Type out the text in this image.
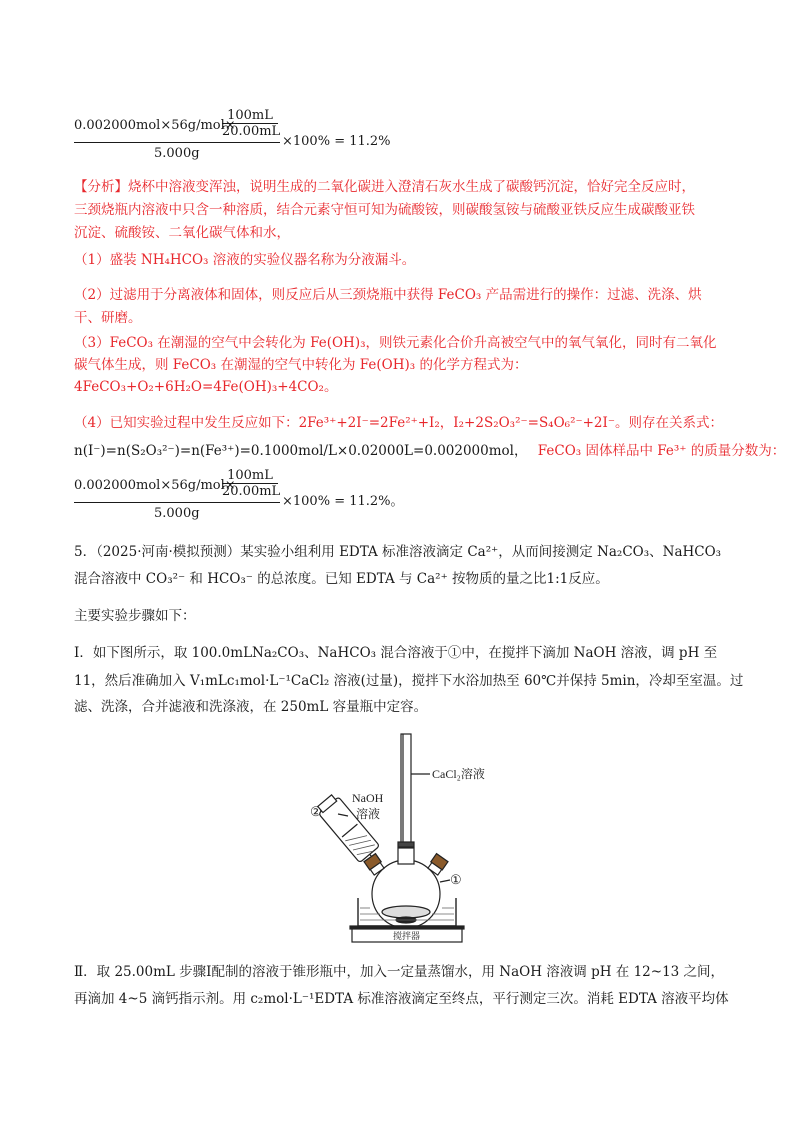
0.002000mol×56g/mol×
$\frac{100mL}{20.00mL}$
5.000g
×100% = 11.2%
【分析】烧杯中溶液变浑浊，说明生成的二氧化碳进入澄清石灰水生成了碳酸钙沉淀，恰好完全反应时，
三颈烧瓶内溶液中只含一种溶质，结合元素守恒可知为硫酸铵，则碳酸氢铵与硫酸亚铁反应生成碳酸亚铁
沉淀、硫酸铵、二氧化碳气体和水，
（1）盛装 NH₄HCO₃ 溶液的实验仪器名称为分液漏斗。
（2）过滤用于分离液体和固体，则反应后从三颈烧瓶中获得 FeCO₃ 产品需进行的操作：过滤、洗涤、烘
干、研磨。
（3）FeCO₃ 在潮湿的空气中会转化为 Fe(OH)₃，则铁元素化合价升高被空气中的氧气氧化，同时有二氧化
碳气体生成，则 FeCO₃ 在潮湿的空气中转化为 Fe(OH)₃ 的化学方程式为：
4FeCO₃+O₂+6H₂O=4Fe(OH)₃+4CO₂。
（4）已知实验过程中发生反应如下：2Fe³⁺+2I⁻=2Fe²⁺+I₂，I₂+2S₂O₃²⁻=S₄O₆²⁻+2I⁻。则存在关系式：
n(I⁻)=n(S₂O₃²⁻)=n(Fe³⁺)=0.1000mol/L×0.02000L=0.002000mol， FeCO₃ 固体样品中 Fe³⁺ 的质量分数为：
0.002000mol×56g/mol×
$\frac{100mL}{20.00mL}$
5.000g
×100% = 11.2%。
5．（2025·河南·模拟预测）某实验小组利用 EDTA 标准溶液滴定 Ca²⁺，从而间接测定 Na₂CO₃、NaHCO₃
混合溶液中 CO₃²⁻ 和 HCO₃⁻ 的总浓度。已知 EDTA 与 Ca²⁺ 按物质的量之比1:1反应。
主要实验步骤如下：
Ⅰ．如下图所示，取 100.0mLNa₂CO₃、NaHCO₃ 混合溶液于①中，在搅拌下滴加 NaOH 溶液，调 pH 至
11，然后准确加入 V₁mLc₁mol·L⁻¹CaCl₂ 溶液(过量)，搅拌下水浴加热至 60℃并保持 5min，冷却至室温。过
滤、洗涤，合并滤液和洗涤液，在 250mL 容量瓶中定容。
CaCl₂溶液
②
NaOH
溶液
①
搅拌器
Ⅱ．取 25.00mL 步骤Ⅰ配制的溶液于锥形瓶中，加入一定量蒸馏水，用 NaOH 溶液调 pH 在 12~13 之间，
再滴加 4~5 滴钙指示剂。用 c₂mol·L⁻¹EDTA 标准溶液滴定至终点，平行测定三次。消耗 EDTA 溶液平均体
